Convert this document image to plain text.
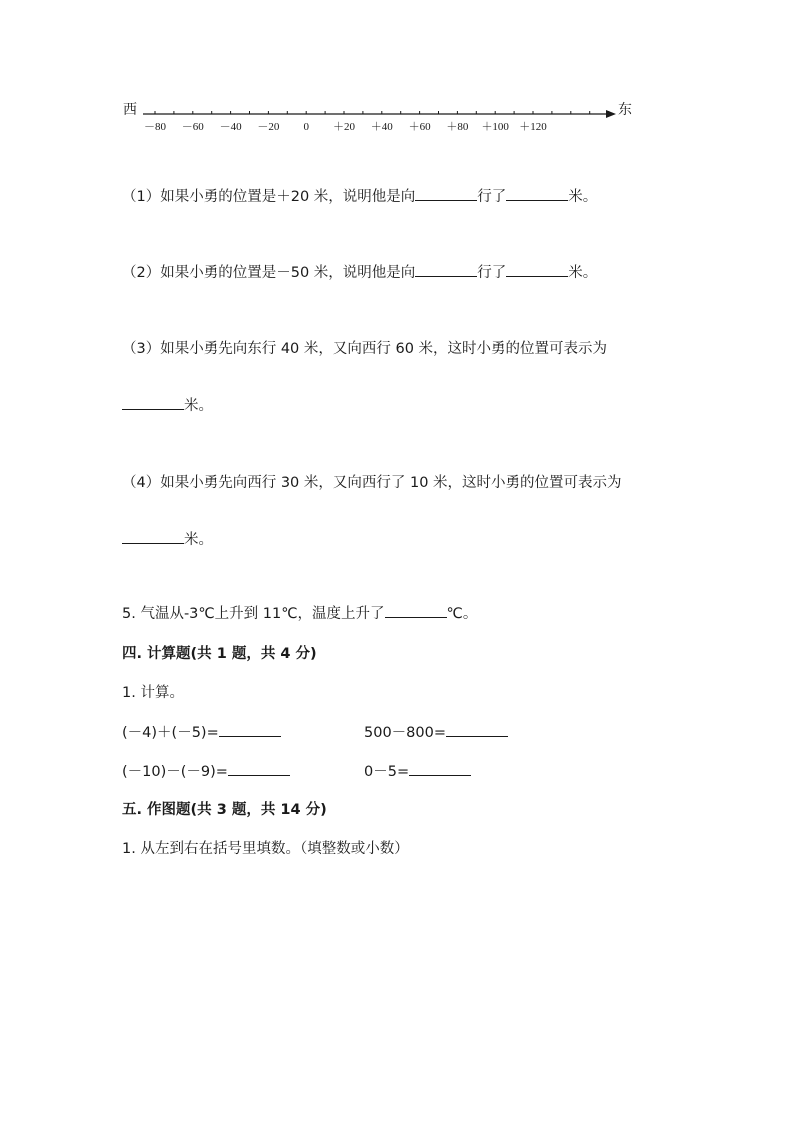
西
－80 －60 －40 －20 0 ＋20 ＋40 ＋60 ＋80 ＋100 ＋120
东
（1）如果小勇的位置是＋20 米，说明他是向	行了	米。
（2）如果小勇的位置是－50 米，说明他是向	行了	米。
（3）如果小勇先向东行 40 米，又向西行 60 米，这时小勇的位置可表示为
米。
（4）如果小勇先向西行 30 米，又向西行了 10 米，这时小勇的位置可表示为
米。
5. 气温从-3℃上升到 11℃，温度上升了	℃。
四. 计算题(共 1 题，共 4 分)
1. 计算。
(－4)＋(－5)=	500－800=
(－10)－(－9)=	0－5=
五. 作图题(共 3 题，共 14 分)
1. 从左到右在括号里填数。（填整数或小数）
